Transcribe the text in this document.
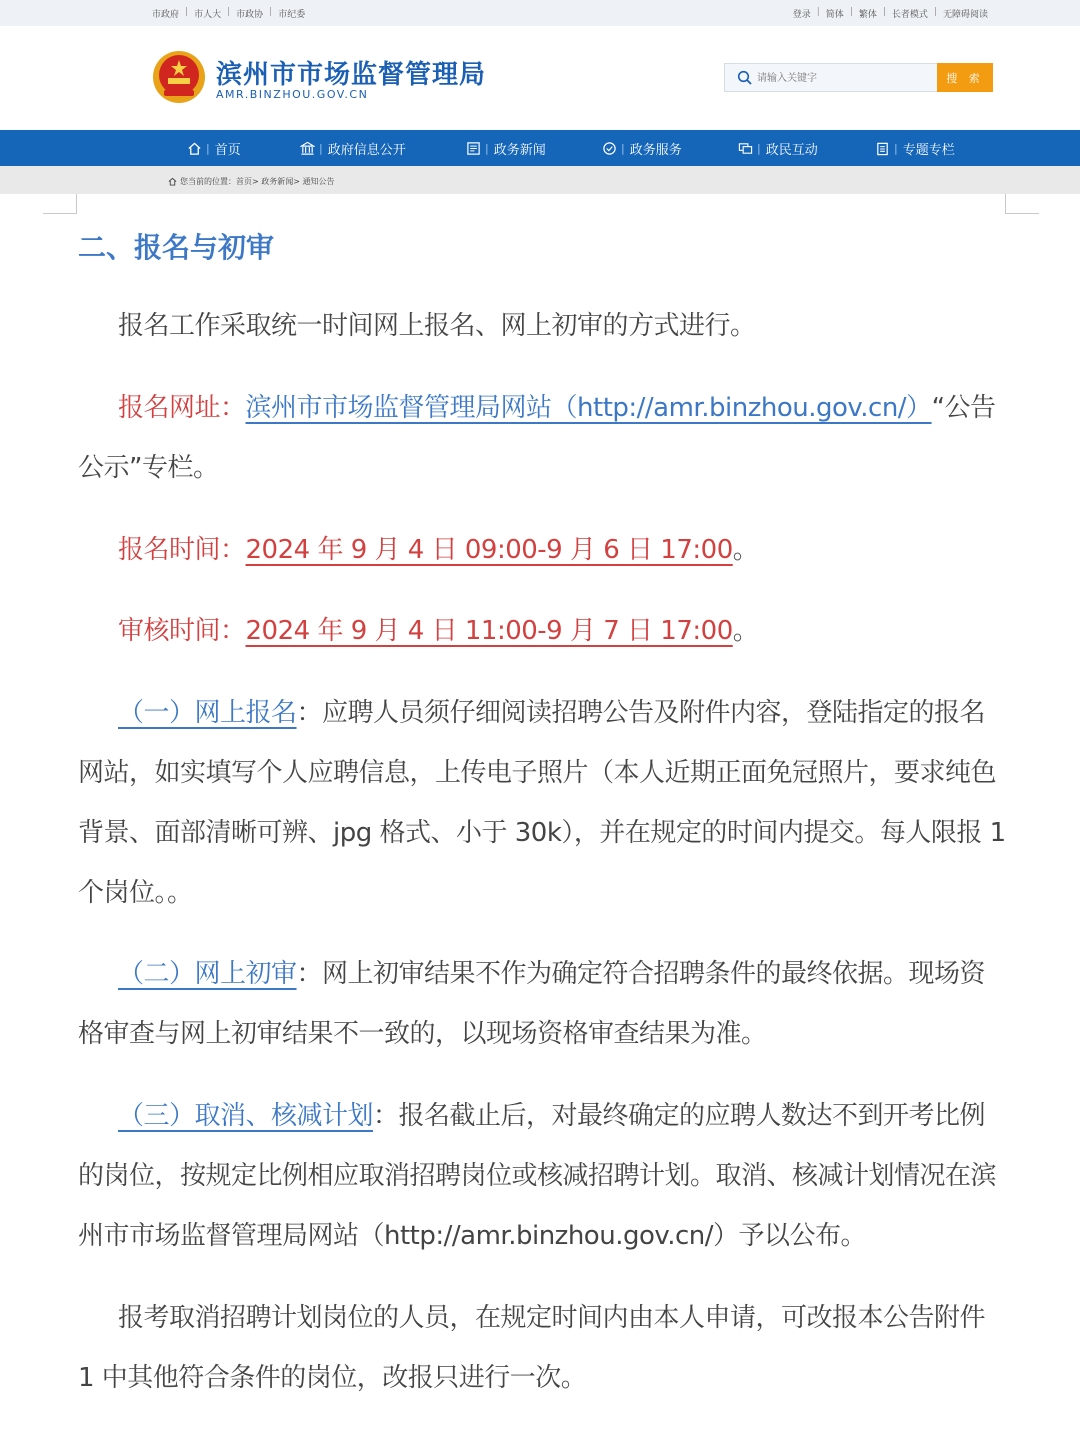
市政府 | 市人大 | 市政协 | 市纪委	登录 | 简体 | 繁体 | 长者模式 | 无障碍阅读
滨州市市场监督管理局
AMR.BINZHOU.GOV.CN
请输入关键字
搜 索
| 首页	| 政府信息公开	| 政务新闻	| 政务服务	| 政民互动	| 专题专栏
您当前的位置：首页> 政务新闻> 通知公告
二、报名与初审
报名工作采取统一时间网上报名、网上初审的方式进行。
报名网址：滨州市市场监督管理局网站（http://amr.binzhou.gov.cn/）“公告公示”专栏。
报名时间：2024 年 9 月 4 日 09:00-9 月 6 日 17:00。
审核时间：2024 年 9 月 4 日 11:00-9 月 7 日 17:00。
（一）网上报名：应聘人员须仔细阅读招聘公告及附件内容，登陆指定的报名网站，如实填写个人应聘信息，上传电子照片（本人近期正面免冠照片，要求纯色背景、面部清晰可辨、jpg 格式、小于 30k），并在规定的时间内提交。每人限报 1 个岗位。。
（二）网上初审：网上初审结果不作为确定符合招聘条件的最终依据。现场资格审查与网上初审结果不一致的，以现场资格审查结果为准。
（三）取消、核减计划：报名截止后，对最终确定的应聘人数达不到开考比例的岗位，按规定比例相应取消招聘岗位或核减招聘计划。取消、核减计划情况在滨州市市场监督管理局网站（http://amr.binzhou.gov.cn/）予以公布。
报考取消招聘计划岗位的人员，在规定时间内由本人申请，可改报本公告附件 1 中其他符合条件的岗位，改报只进行一次。
